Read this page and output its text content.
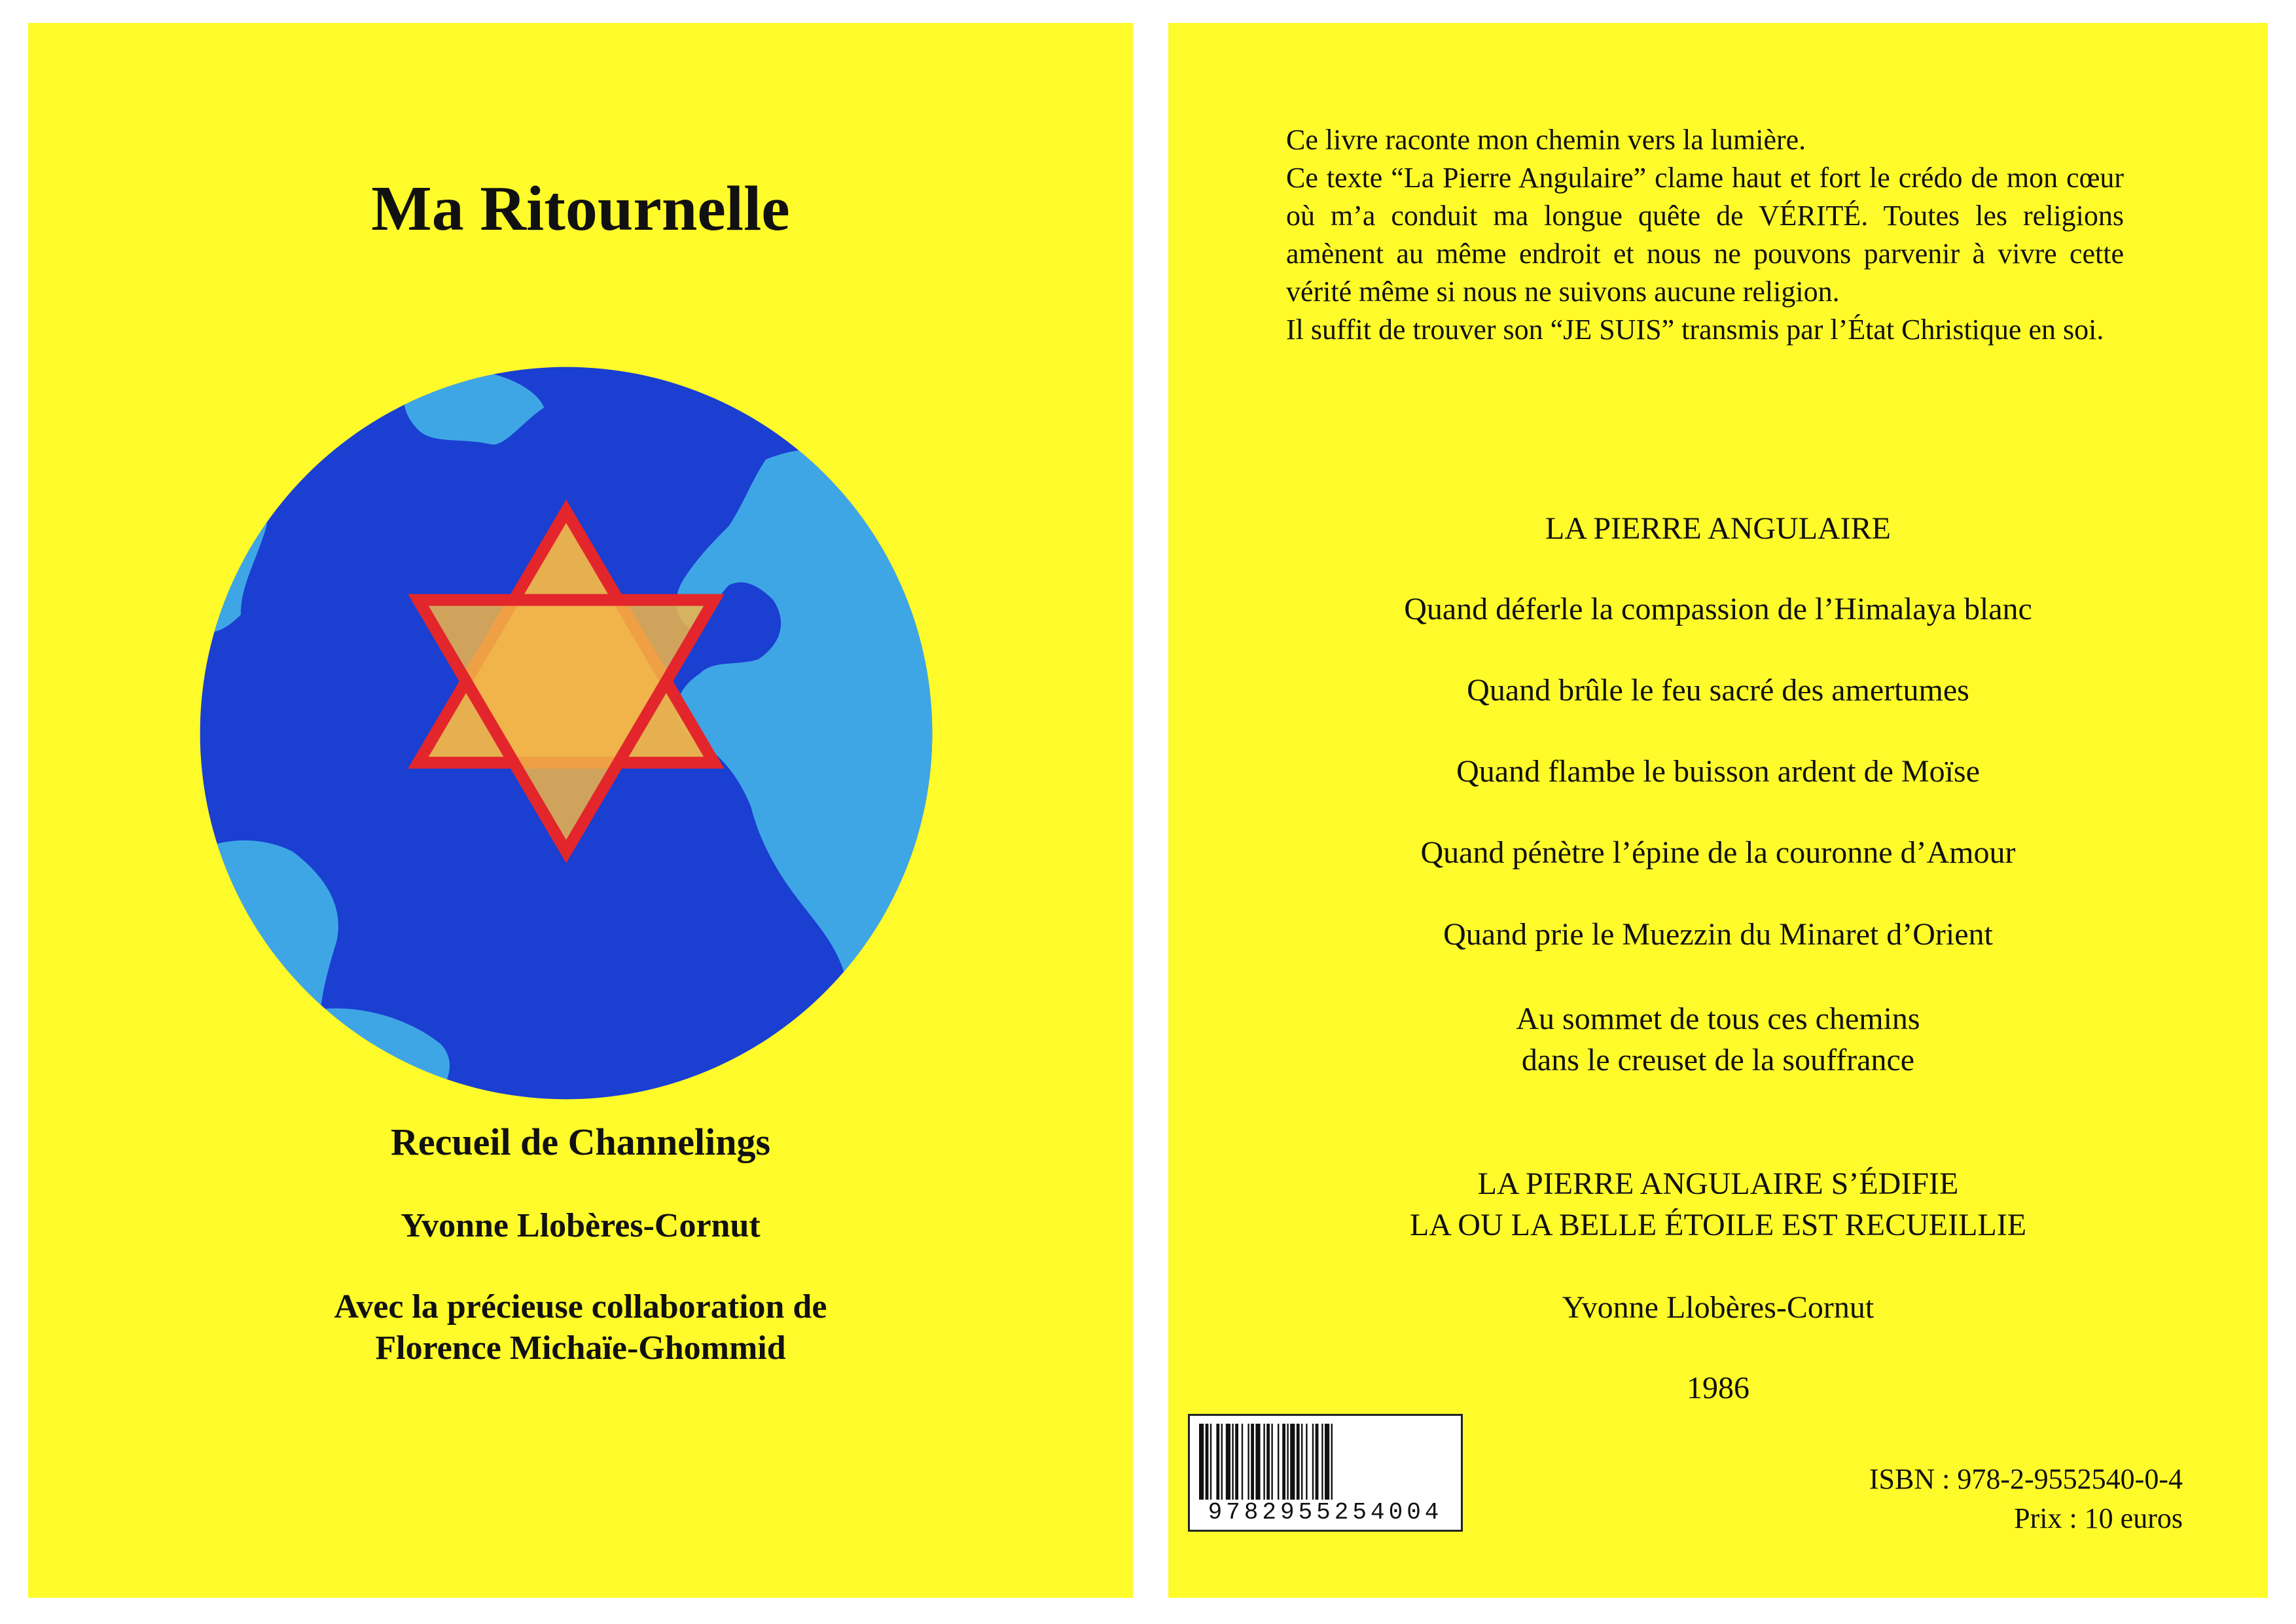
Ma Ritournelle
Recueil de Channelings
Yvonne Llobères-Cornut
Avec la précieuse collaboration de
Florence Michaïe-Ghommid

Ce livre raconte mon chemin vers la lumière.

Ce texte “La Pierre Angulaire” clame haut et fort le crédo de mon cœur où m’a conduit ma longue quête de VÉRITÉ. Toutes les religions amènent au même endroit et nous ne pouvons parvenir à vivre cette vérité même si nous ne suivons aucune religion.

Il suffit de trouver son “JE SUIS” transmis par l’État Christique en soi.

LA PIERRE ANGULAIRE
Quand déferle la compassion de l’Himalaya blanc
Quand brûle le feu sacré des amertumes
Quand flambe le buisson ardent de Moïse
Quand pénètre l’épine de la couronne d’Amour
Quand prie le Muezzin du Minaret d’Orient
Au sommet de tous ces chemins
dans le creuset de la souffrance
LA PIERRE ANGULAIRE S’ÉDIFIE
LA OU LA BELLE ÉTOILE EST RECUEILLIE
Yvonne Llobères-Cornut
1986
9782955254004
ISBN : 978-2-9552540-0-4
Prix : 10 euros
